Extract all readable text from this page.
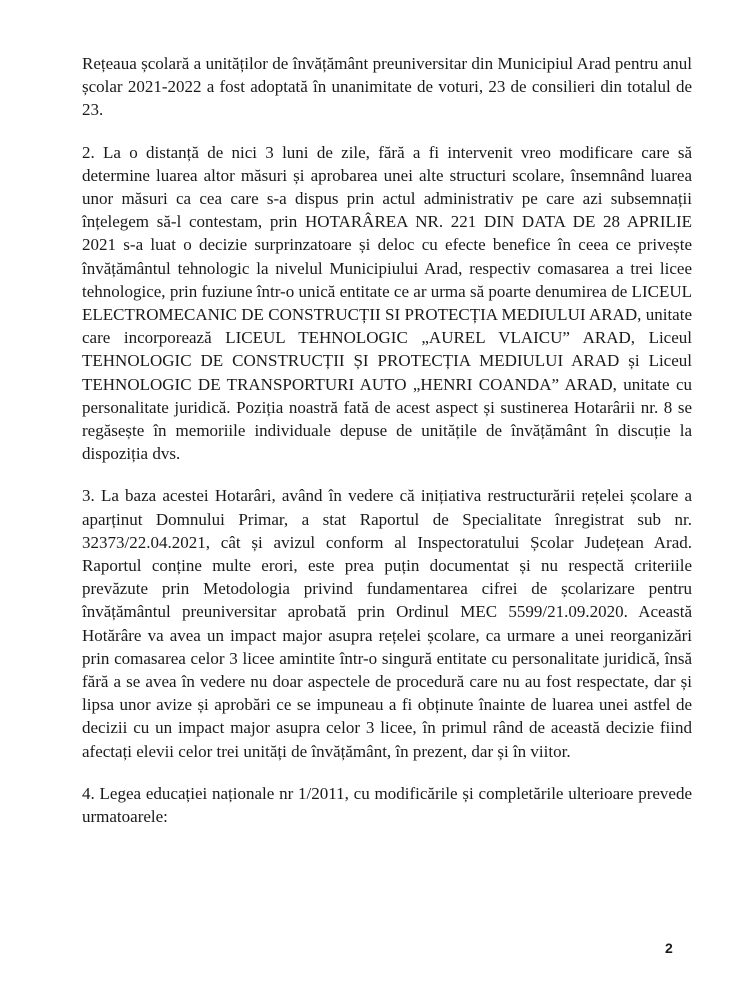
Rețeaua școlară a unităților de învățământ preuniversitar din Municipiul Arad pentru anul școlar 2021-2022 a fost adoptată în unanimitate de voturi, 23 de consilieri din totalul de 23.

2. La o distanță de nici 3 luni de zile, fără a fi intervenit vreo modificare care să determine luarea altor măsuri și aprobarea unei alte structuri scolare, însemnând luarea unor măsuri ca cea care s-a dispus prin actul administrativ pe care azi subsemnații înțelegem să-l contestam, prin HOTARÂREA NR. 221 DIN DATA DE 28 APRILIE 2021 s-a luat o decizie surprinzatoare și deloc cu efecte benefice în ceea ce privește învățământul tehnologic la nivelul Municipiului Arad, respectiv comasarea a trei licee tehnologice, prin fuziune într-o unică entitate ce ar urma să poarte denumirea de LICEUL ELECTROMECANIC DE CONSTRUCȚII SI PROTECȚIA MEDIULUI ARAD, unitate care incorporează LICEUL TEHNOLOGIC „AUREL VLAICU” ARAD, Liceul TEHNOLOGIC DE CONSTRUCȚII ȘI PROTECȚIA MEDIULUI ARAD și Liceul TEHNOLOGIC DE TRANSPORTURI AUTO „HENRI COANDA” ARAD, unitate cu personalitate juridică. Poziția noastră fată de acest aspect și sustinerea Hotarârii nr. 8 se regăsește în memoriile individuale depuse de unitățile de învățământ în discuție la dispoziția dvs.

3. La baza acestei Hotarâri, având în vedere că inițiativa restructurării rețelei școlare a aparținut Domnului Primar, a stat Raportul de Specialitate înregistrat sub nr. 32373/22.04.2021, cât și avizul conform al Inspectoratului Școlar Județean Arad. Raportul conține multe erori, este prea puțin documentat și nu respectă criteriile prevăzute prin Metodologia privind fundamentarea cifrei de școlarizare pentru învățământul preuniversitar aprobată prin Ordinul MEC 5599/21.09.2020. Această Hotărâre va avea un impact major asupra rețelei școlare, ca urmare a unei reorganizări prin comasarea celor 3 licee amintite într-o singură entitate cu personalitate juridică, însă fără a se avea în vedere nu doar aspectele de procedură care nu au fost respectate, dar și lipsa unor avize și aprobări ce se impuneau a fi obținute înainte de luarea unei astfel de decizii cu un impact major asupra celor 3 licee, în primul rând de această decizie fiind afectați elevii celor trei unități de învățământ, în prezent, dar și în viitor.

4. Legea educației naționale nr 1/2011, cu modificările și completările ulterioare prevede urmatoarele:

2
